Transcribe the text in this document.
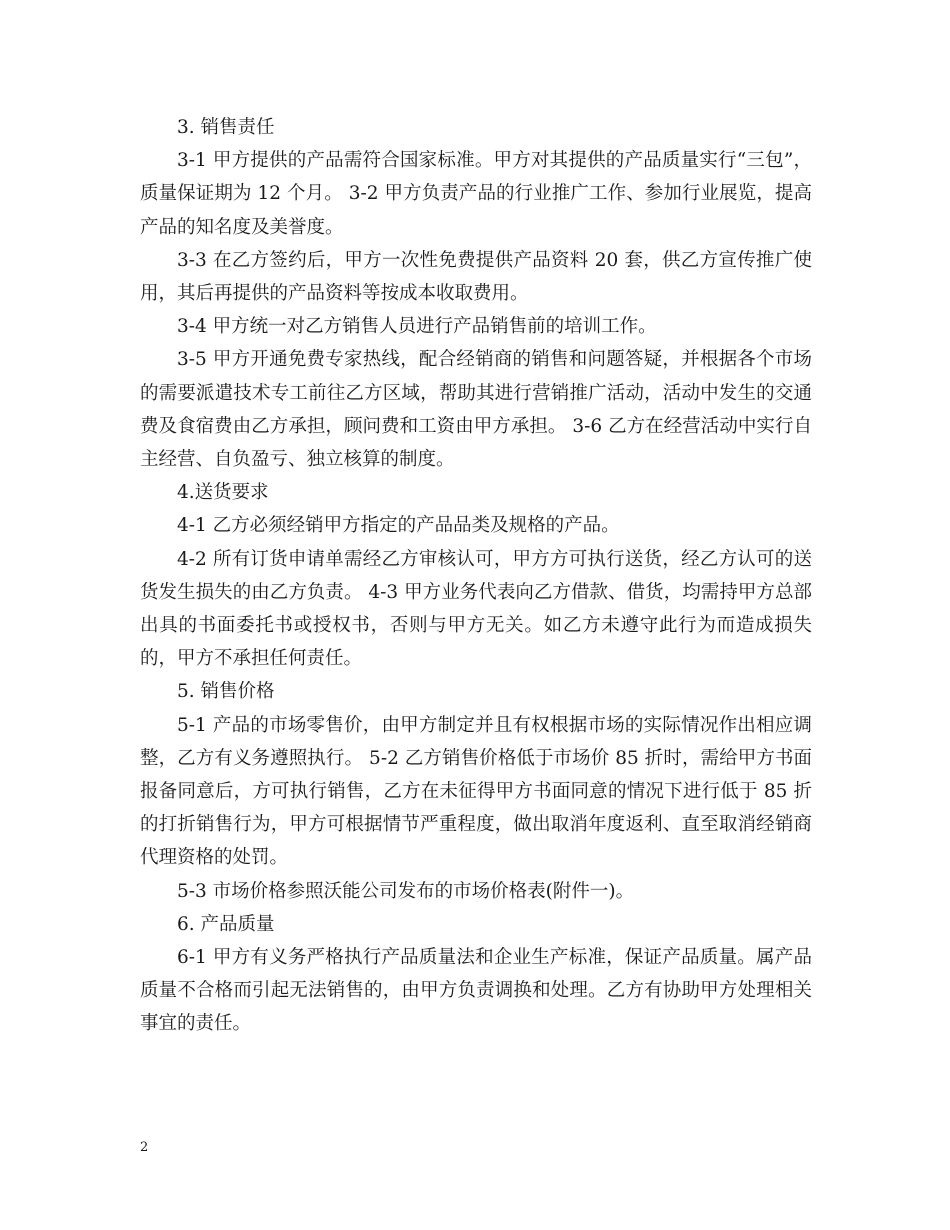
3. 销售责任

3-1 甲方提供的产品需符合国家标准。甲方对其提供的产品质量实行“三包”，质量保证期为 12 个月。 3-2 甲方负责产品的行业推广工作、参加行业展览，提高产品的知名度及美誉度。

3-3 在乙方签约后，甲方一次性免费提供产品资料 20 套，供乙方宣传推广使用，其后再提供的产品资料等按成本收取费用。

3-4 甲方统一对乙方销售人员进行产品销售前的培训工作。

3-5 甲方开通免费专家热线，配合经销商的销售和问题答疑，并根据各个市场的需要派遣技术专工前往乙方区域，帮助其进行营销推广活动，活动中发生的交通费及食宿费由乙方承担，顾问费和工资由甲方承担。 3-6 乙方在经营活动中实行自主经营、自负盈亏、独立核算的制度。

4.送货要求

4-1 乙方必须经销甲方指定的产品品类及规格的产品。

4-2 所有订货申请单需经乙方审核认可，甲方方可执行送货，经乙方认可的送货发生损失的由乙方负责。 4-3 甲方业务代表向乙方借款、借货，均需持甲方总部出具的书面委托书或授权书，否则与甲方无关。如乙方未遵守此行为而造成损失的，甲方不承担任何责任。

5. 销售价格

5-1 产品的市场零售价，由甲方制定并且有权根据市场的实际情况作出相应调整，乙方有义务遵照执行。 5-2 乙方销售价格低于市场价 85 折时，需给甲方书面报备同意后，方可执行销售，乙方在未征得甲方书面同意的情况下进行低于 85 折的打折销售行为，甲方可根据情节严重程度，做出取消年度返利、直至取消经销商代理资格的处罚。

5-3 市场价格参照沃能公司发布的市场价格表(附件一)。

6. 产品质量

6-1 甲方有义务严格执行产品质量法和企业生产标准，保证产品质量。属产品质量不合格而引起无法销售的，由甲方负责调换和处理。乙方有协助甲方处理相关事宜的责任。

2
